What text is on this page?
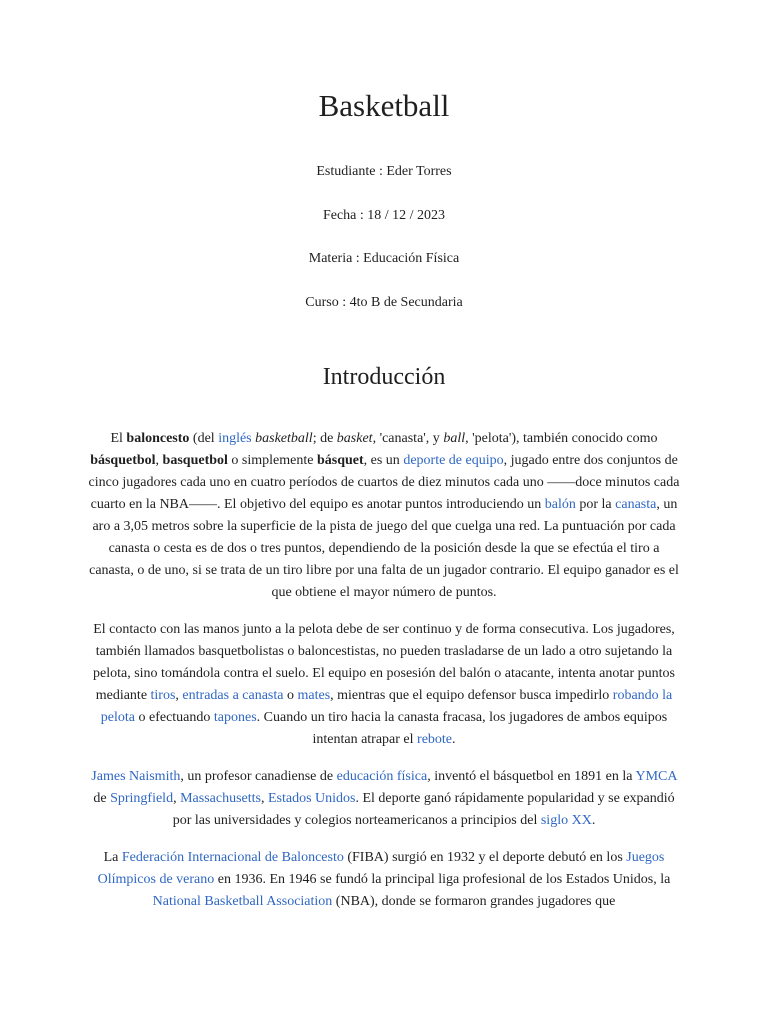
Basketball

Estudiante : Eder Torres

Fecha : 18 / 12 / 2023

Materia : Educación Física

Curso : 4to B de Secundaria

Introducción

El baloncesto (del inglés basketball; de basket, 'canasta', y ball, 'pelota'), también conocido como básquetbol, basquetbol o simplemente básquet, es un deporte de equipo, jugado entre dos conjuntos de cinco jugadores cada uno en cuatro períodos de cuartos de diez minutos cada uno ——doce minutos cada cuarto en la NBA——. El objetivo del equipo es anotar puntos introduciendo un balón por la canasta, un aro a 3,05 metros sobre la superficie de la pista de juego del que cuelga una red. La puntuación por cada canasta o cesta es de dos o tres puntos, dependiendo de la posición desde la que se efectúa el tiro a canasta, o de uno, si se trata de un tiro libre por una falta de un jugador contrario. El equipo ganador es el que obtiene el mayor número de puntos.

El contacto con las manos junto a la pelota debe de ser continuo y de forma consecutiva. Los jugadores, también llamados basquetbolistas o baloncestistas, no pueden trasladarse de un lado a otro sujetando la pelota, sino tomándola contra el suelo. El equipo en posesión del balón o atacante, intenta anotar puntos mediante tiros, entradas a canasta o mates, mientras que el equipo defensor busca impedirlo robando la pelota o efectuando tapones. Cuando un tiro hacia la canasta fracasa, los jugadores de ambos equipos intentan atrapar el rebote.

James Naismith, un profesor canadiense de educación física, inventó el básquetbol en 1891 en la YMCA de Springfield, Massachusetts, Estados Unidos. El deporte ganó rápidamente popularidad y se expandió por las universidades y colegios norteamericanos a principios del siglo XX.

La Federación Internacional de Baloncesto (FIBA) surgió en 1932 y el deporte debutó en los Juegos Olímpicos de verano en 1936. En 1946 se fundó la principal liga profesional de los Estados Unidos, la National Basketball Association (NBA), donde se formaron grandes jugadores que
